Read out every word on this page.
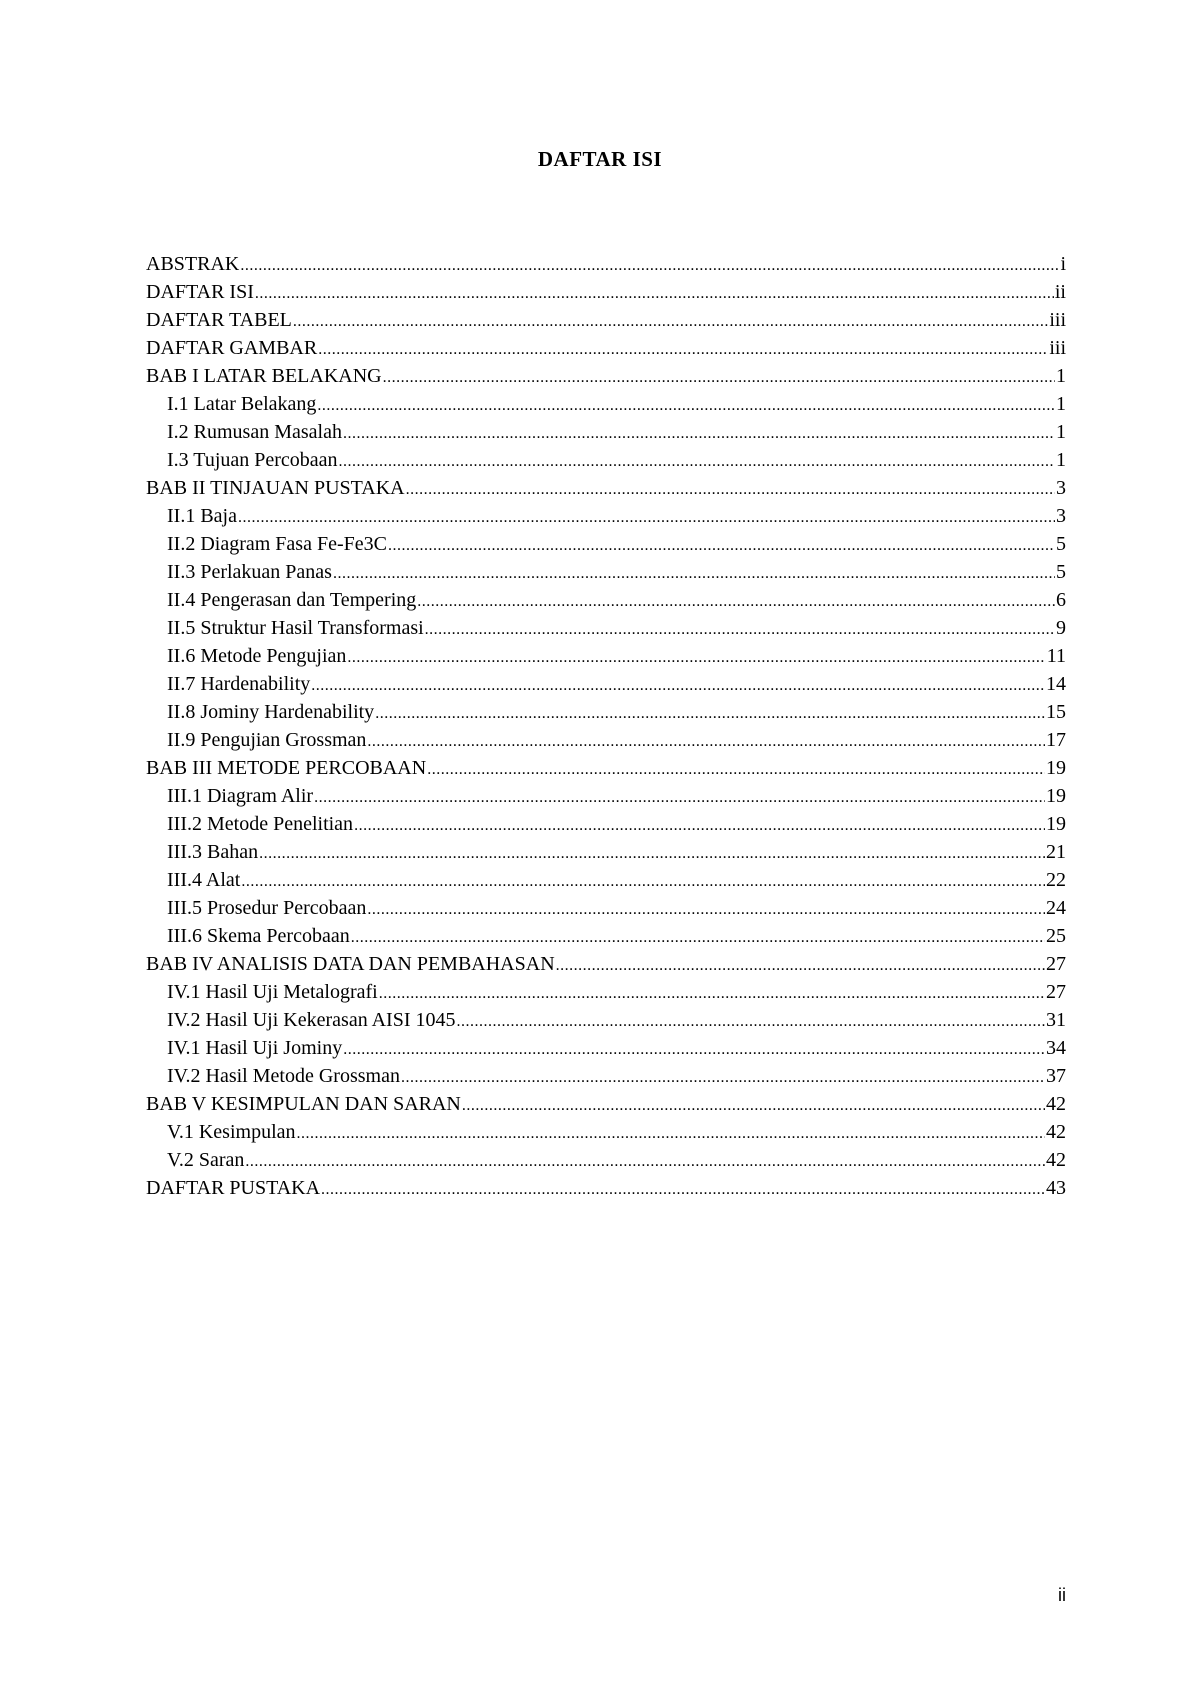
DAFTAR ISI
ABSTRAK .....	i
DAFTAR ISI .....	ii
DAFTAR TABEL .....	iii
DAFTAR GAMBAR .....	iii
BAB I LATAR BELAKANG .....	1
I.1 Latar Belakang .....	1
I.2 Rumusan Masalah .....	1
I.3 Tujuan Percobaan .....	1
BAB II TINJAUAN PUSTAKA .....	3
II.1 Baja .....	3
II.2 Diagram Fasa Fe-Fe3C .....	5
II.3 Perlakuan Panas .....	5
II.4 Pengerasan dan Tempering .....	6
II.5 Struktur Hasil Transformasi .....	9
II.6 Metode Pengujian .....	11
II.7 Hardenability .....	14
II.8 Jominy Hardenability .....	15
II.9 Pengujian Grossman .....	17
BAB III METODE PERCOBAAN .....	19
III.1 Diagram Alir .....	19
III.2 Metode Penelitian .....	19
III.3 Bahan .....	21
III.4 Alat .....	22
III.5 Prosedur Percobaan .....	24
III.6 Skema Percobaan .....	25
BAB IV ANALISIS DATA DAN PEMBAHASAN .....	27
IV.1 Hasil Uji Metalografi .....	27
IV.2 Hasil Uji Kekerasan AISI 1045 .....	31
IV.1 Hasil Uji Jominy .....	34
IV.2 Hasil Metode Grossman .....	37
BAB V KESIMPULAN DAN SARAN .....	42
V.1 Kesimpulan .....	42
V.2 Saran .....	42
DAFTAR PUSTAKA .....	43
ii
